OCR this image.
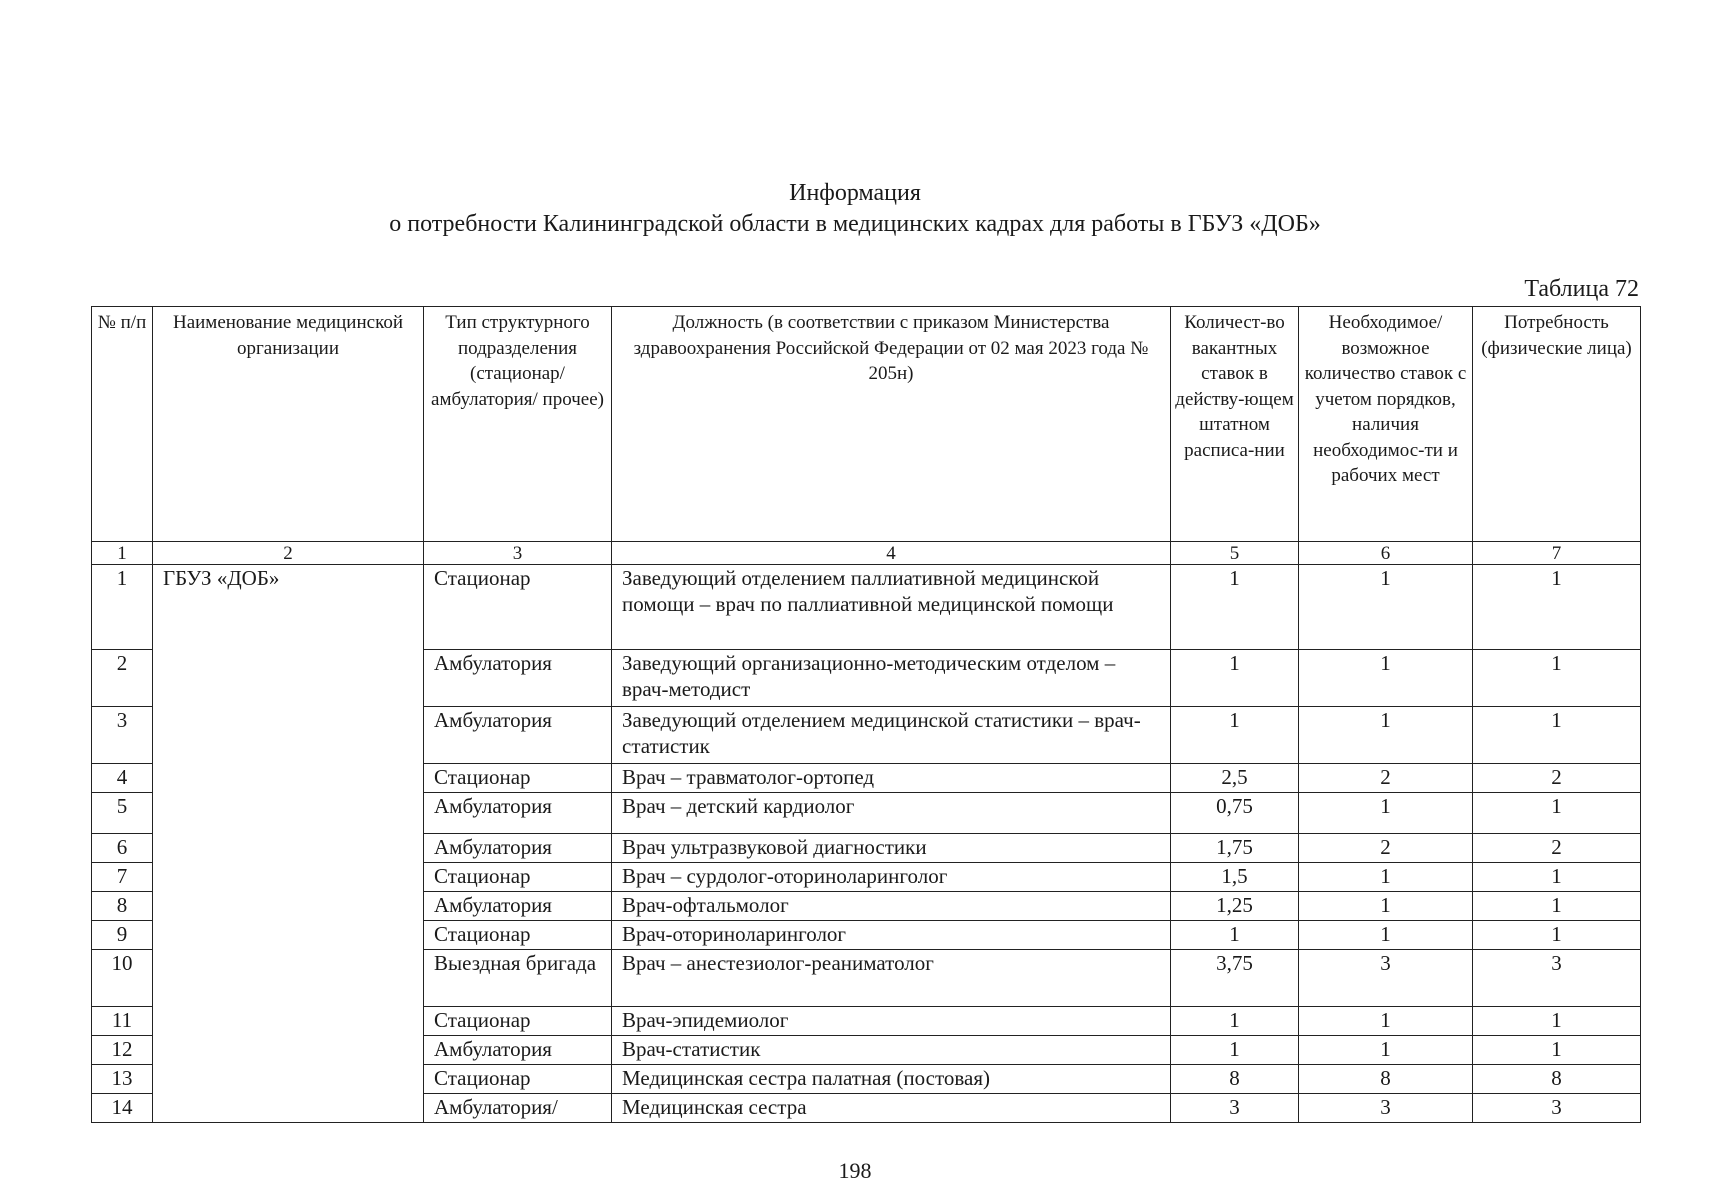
Информация
о потребности Калининградской области в медицинских кадрах для работы в ГБУЗ «ДОБ»
Таблица 72
№ п/п	Наименование медицинской организации	Тип структурного подразделения (стационар/ амбулатория/ прочее)	Должность (в соответствии с приказом Министерства здравоохранения Российской Федерации от 02 мая 2023 года № 205н)	Количест-во вакантных ставок в действу-ющем штатном расписа-нии	Необходимое/ возможное количество ставок с учетом порядков, наличия необходимос-ти и рабочих мест	Потребность (физические лица)
1	2	3	4	5	6	7
1	ГБУЗ «ДОБ»	Стационар	Заведующий отделением паллиативной медицинской помощи – врач по паллиативной медицинской помощи	1	1	1
2		Амбулатория	Заведующий организационно-методическим отделом – врач-методист	1	1	1
3		Амбулатория	Заведующий отделением медицинской статистики – врач-статистик	1	1	1
4		Стационар	Врач – травматолог-ортопед	2,5	2	2
5		Амбулатория	Врач – детский кардиолог	0,75	1	1
6		Амбулатория	Врач ультразвуковой диагностики	1,75	2	2
7		Стационар	Врач – сурдолог-оториноларинголог	1,5	1	1
8		Амбулатория	Врач-офтальмолог	1,25	1	1
9		Стационар	Врач-оториноларинголог	1	1	1
10		Выездная бригада	Врач – анестезиолог-реаниматолог	3,75	3	3
11		Стационар	Врач-эпидемиолог	1	1	1
12		Амбулатория	Врач-статистик	1	1	1
13		Стационар	Медицинская сестра палатная (постовая)	8	8	8
14		Амбулатория/	Медицинская сестра	3	3	3
198
